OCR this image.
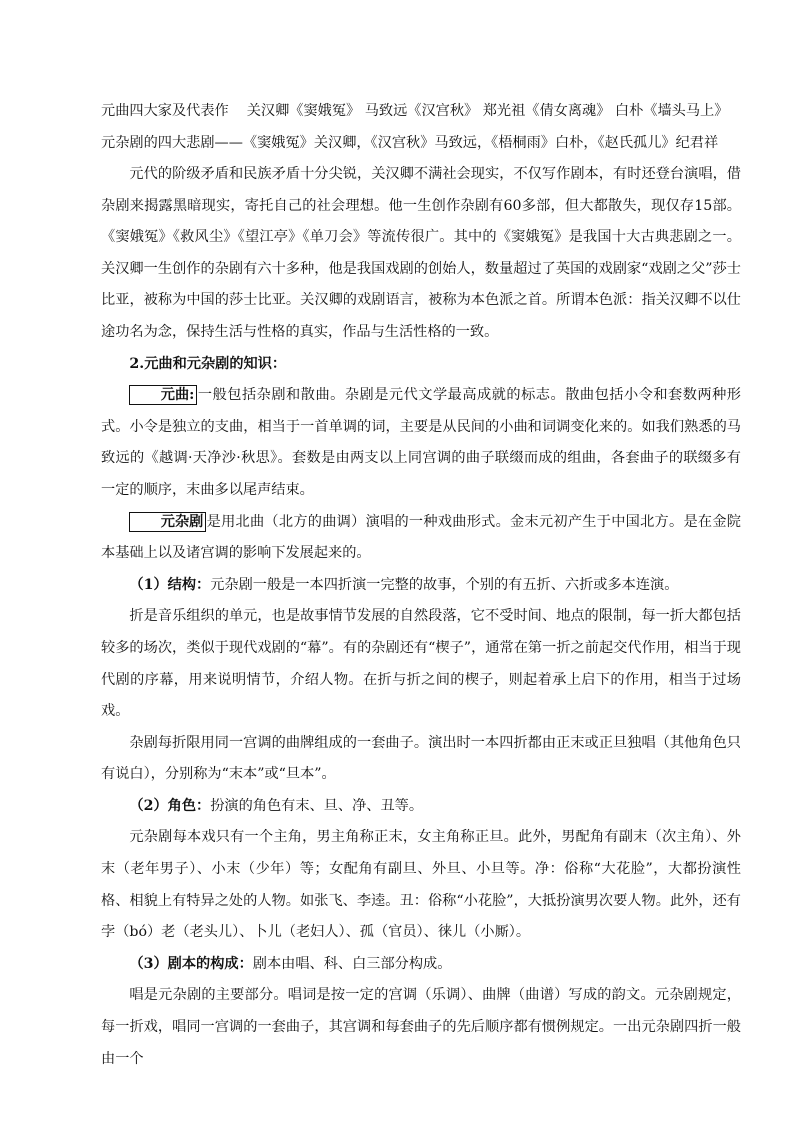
元曲四大家及代表作 关汉卿《窦娥冤》 马致远《汉宫秋》 郑光祖《倩女离魂》 白朴《墙头马上》
元杂剧的四大悲剧——《窦娥冤》关汉卿，《汉宫秋》马致远，《梧桐雨》白朴，《赵氏孤儿》纪君祥

元代的阶级矛盾和民族矛盾十分尖锐，关汉卿不满社会现实，不仅写作剧本，有时还登台演唱，借杂剧来揭露黑暗现实，寄托自己的社会理想。他一生创作杂剧有60多部，但大都散失，现仅存15部。《窦娥冤》《救风尘》《望江亭》《单刀会》等流传很广。其中的《窦娥冤》是我国十大古典悲剧之一。关汉卿一生创作的杂剧有六十多种，他是我国戏剧的创始人，数量超过了英国的戏剧家“戏剧之父”莎士比亚，被称为中国的莎士比亚。关汉卿的戏剧语言，被称为本色派之首。所谓本色派：指关汉卿不以仕途功名为念，保持生活与性格的真实，作品与生活性格的一致。

2.元曲和元杂剧的知识：

元曲: 一般包括杂剧和散曲。杂剧是元代文学最高成就的标志。散曲包括小令和套数两种形式。小令是独立的支曲，相当于一首单调的词，主要是从民间的小曲和词调变化来的。如我们熟悉的马致远的《越调·天净沙·秋思》。套数是由两支以上同宫调的曲子联缀而成的组曲，各套曲子的联缀多有一定的顺序，末曲多以尾声结束。

元杂剧 是用北曲（北方的曲调）演唱的一种戏曲形式。金末元初产生于中国北方。是在金院本基础上以及诸宫调的影响下发展起来的。

（1）结构：元杂剧一般是一本四折演一完整的故事，个别的有五折、六折或多本连演。

折是音乐组织的单元，也是故事情节发展的自然段落，它不受时间、地点的限制，每一折大都包括较多的场次，类似于现代戏剧的“幕”。有的杂剧还有“楔子”，通常在第一折之前起交代作用，相当于现代剧的序幕，用来说明情节，介绍人物。在折与折之间的楔子，则起着承上启下的作用，相当于过场戏。

杂剧每折限用同一宫调的曲牌组成的一套曲子。演出时一本四折都由正末或正旦独唱（其他角色只有说白），分别称为“末本”或“旦本”。

（2）角色：扮演的角色有末、旦、净、丑等。

元杂剧每本戏只有一个主角，男主角称正末，女主角称正旦。此外，男配角有副末（次主角）、外末（老年男子）、小末（少年）等；女配角有副旦、外旦、小旦等。净：俗称“大花脸”，大都扮演性格、相貌上有特异之处的人物。如张飞、李逵。丑：俗称“小花脸”，大抵扮演男次要人物。此外，还有孛（bó）老（老头儿）、卜儿（老妇人）、孤（官员）、徕儿（小厮）。

（3）剧本的构成：剧本由唱、科、白三部分构成。

唱是元杂剧的主要部分。唱词是按一定的宫调（乐调）、曲牌（曲谱）写成的韵文。元杂剧规定，每一折戏，唱同一宫调的一套曲子，其宫调和每套曲子的先后顺序都有惯例规定。一出元杂剧四折一般由一个
